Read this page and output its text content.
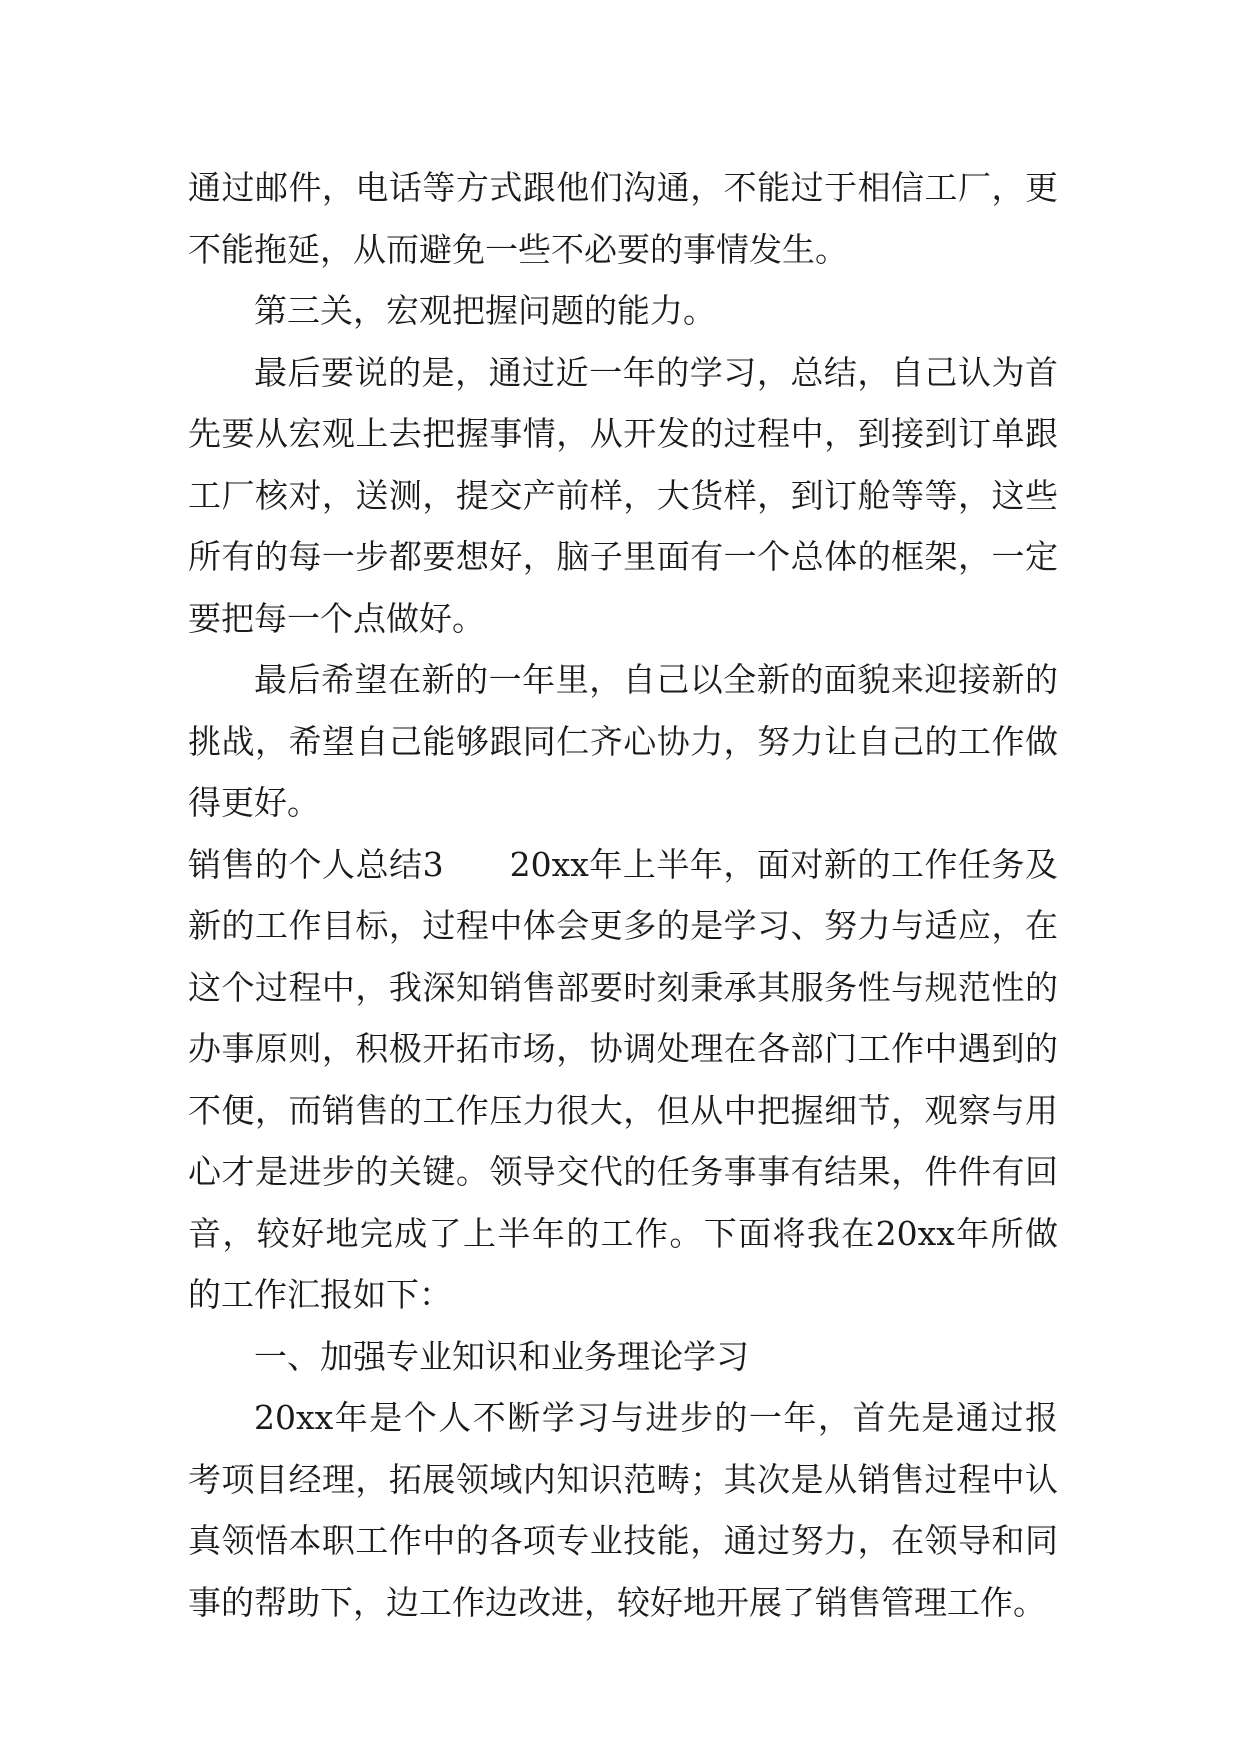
通过邮件，电话等方式跟他们沟通，不能过于相信工厂，更不能拖延，从而避免一些不必要的事情发生。

第三关，宏观把握问题的能力。

最后要说的是，通过近一年的学习，总结，自己认为首先要从宏观上去把握事情，从开发的过程中，到接到订单跟工厂核对，送测，提交产前样，大货样，到订舱等等，这些所有的每一步都要想好，脑子里面有一个总体的框架，一定要把每一个点做好。

最后希望在新的一年里，自己以全新的面貌来迎接新的挑战，希望自己能够跟同仁齐心协力，努力让自己的工作做得更好。

销售的个人总结3 20xx年上半年，面对新的工作任务及新的工作目标，过程中体会更多的是学习、努力与适应，在这个过程中，我深知销售部要时刻秉承其服务性与规范性的办事原则，积极开拓市场，协调处理在各部门工作中遇到的不便，而销售的工作压力很大，但从中把握细节，观察与用心才是进步的关键。领导交代的任务事事有结果，件件有回音，较好地完成了上半年的工作。下面将我在20xx年所做的工作汇报如下：

一、加强专业知识和业务理论学习

20xx年是个人不断学习与进步的一年，首先是通过报考项目经理，拓展领域内知识范畴；其次是从销售过程中认真领悟本职工作中的各项专业技能，通过努力，在领导和同事的帮助下，边工作边改进，较好地开展了销售管理工作。
